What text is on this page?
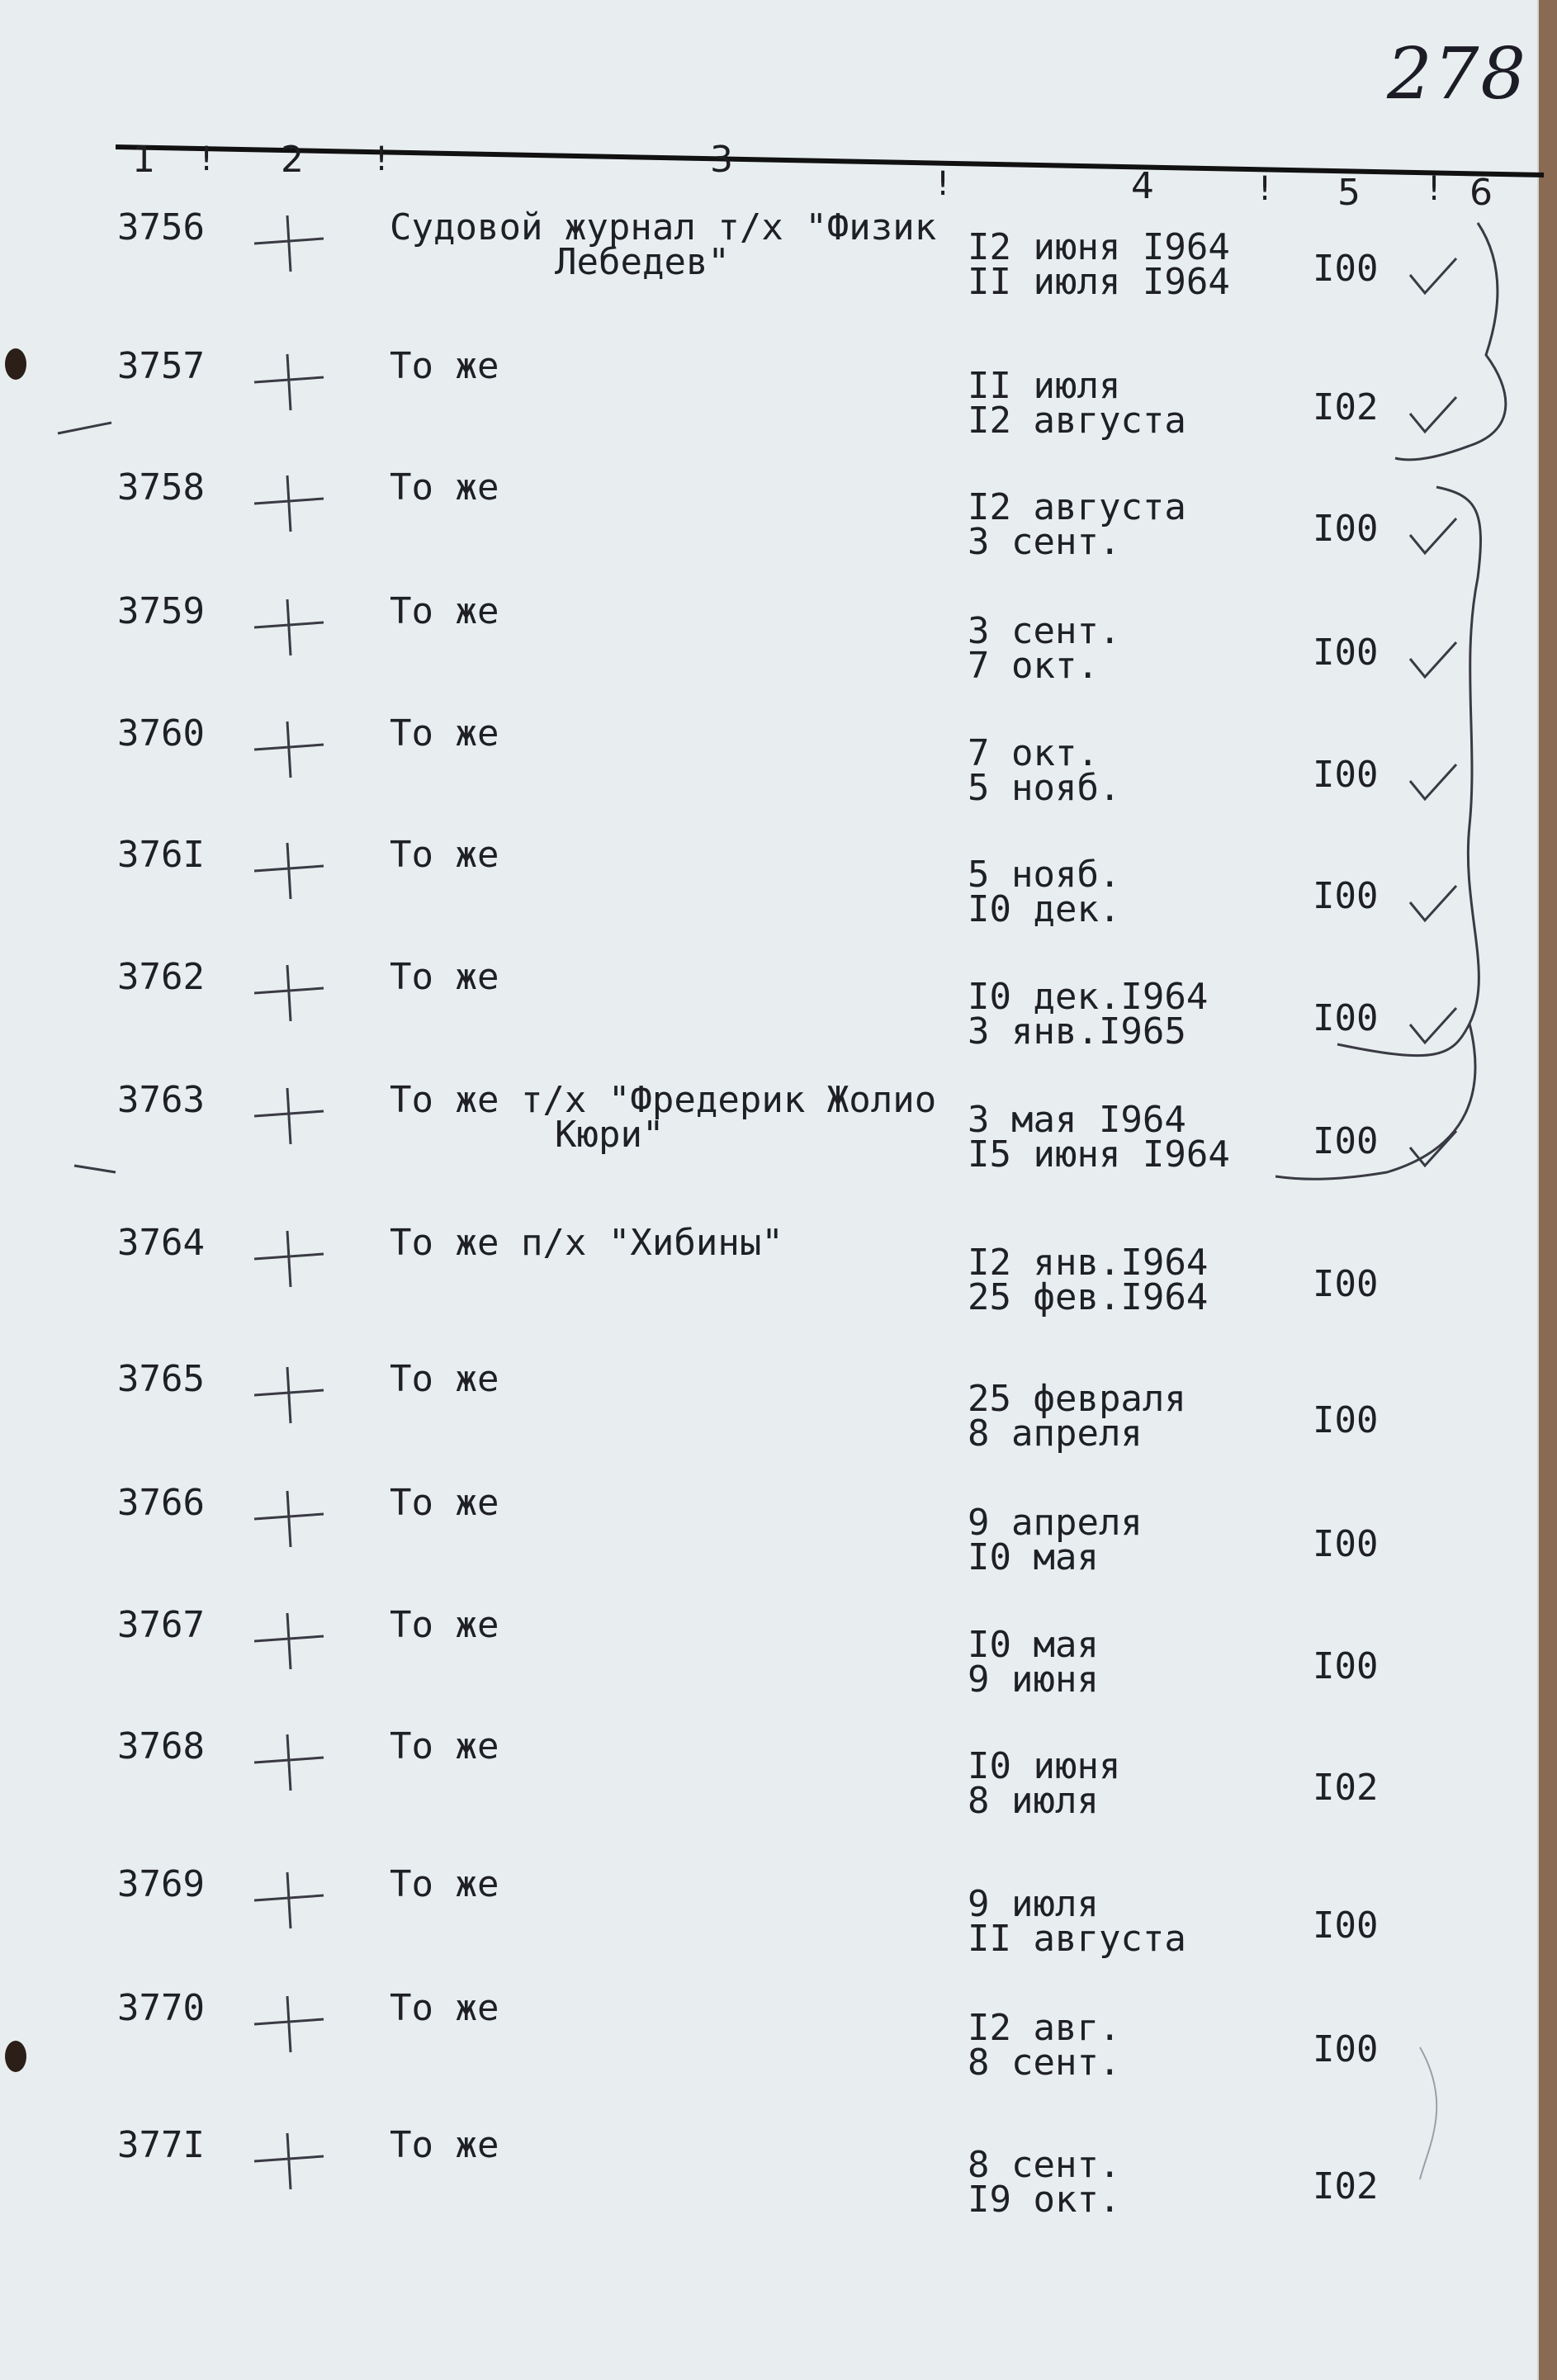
278
1 ! 2 !	3
!	4	! 5 ! 6
3756	Судовой журнал т/х "Физик
Лебедев"	I2 июня I964
II июля I964 I00
3757	То же	II июля
I2 августа	I02
3758	То же	I2 августа
3 сент.	I00
3759	То же	3 сент.
7 окт.	I00
3760	То же	7 окт.
5 нояб.	I00
376I	То же	5 нояб.
I0 дек.	I00
3762	То же	I0 дек.I964
3 янв.I965	I00
3763	То же т/х "Фредерик Жолио
Кюри"	3 мая I964
I5 июня I964 I00
3764	То же п/х "Хибины"	I2 янв.I964
25 фев.I964	I00
3765	То же	25 февраля
8 апреля	I00
3766	То же	9 апреля
I0 мая	I00
3767	То же	I0 мая
9 июня	I00
3768	То же	I0 июня
8 июля	I02
3769	То же	9 июля
II августа	I00
3770	То же	I2 авг.
8 сент.	I00
377I	То же	8 сент.
I9 окт.	I02
